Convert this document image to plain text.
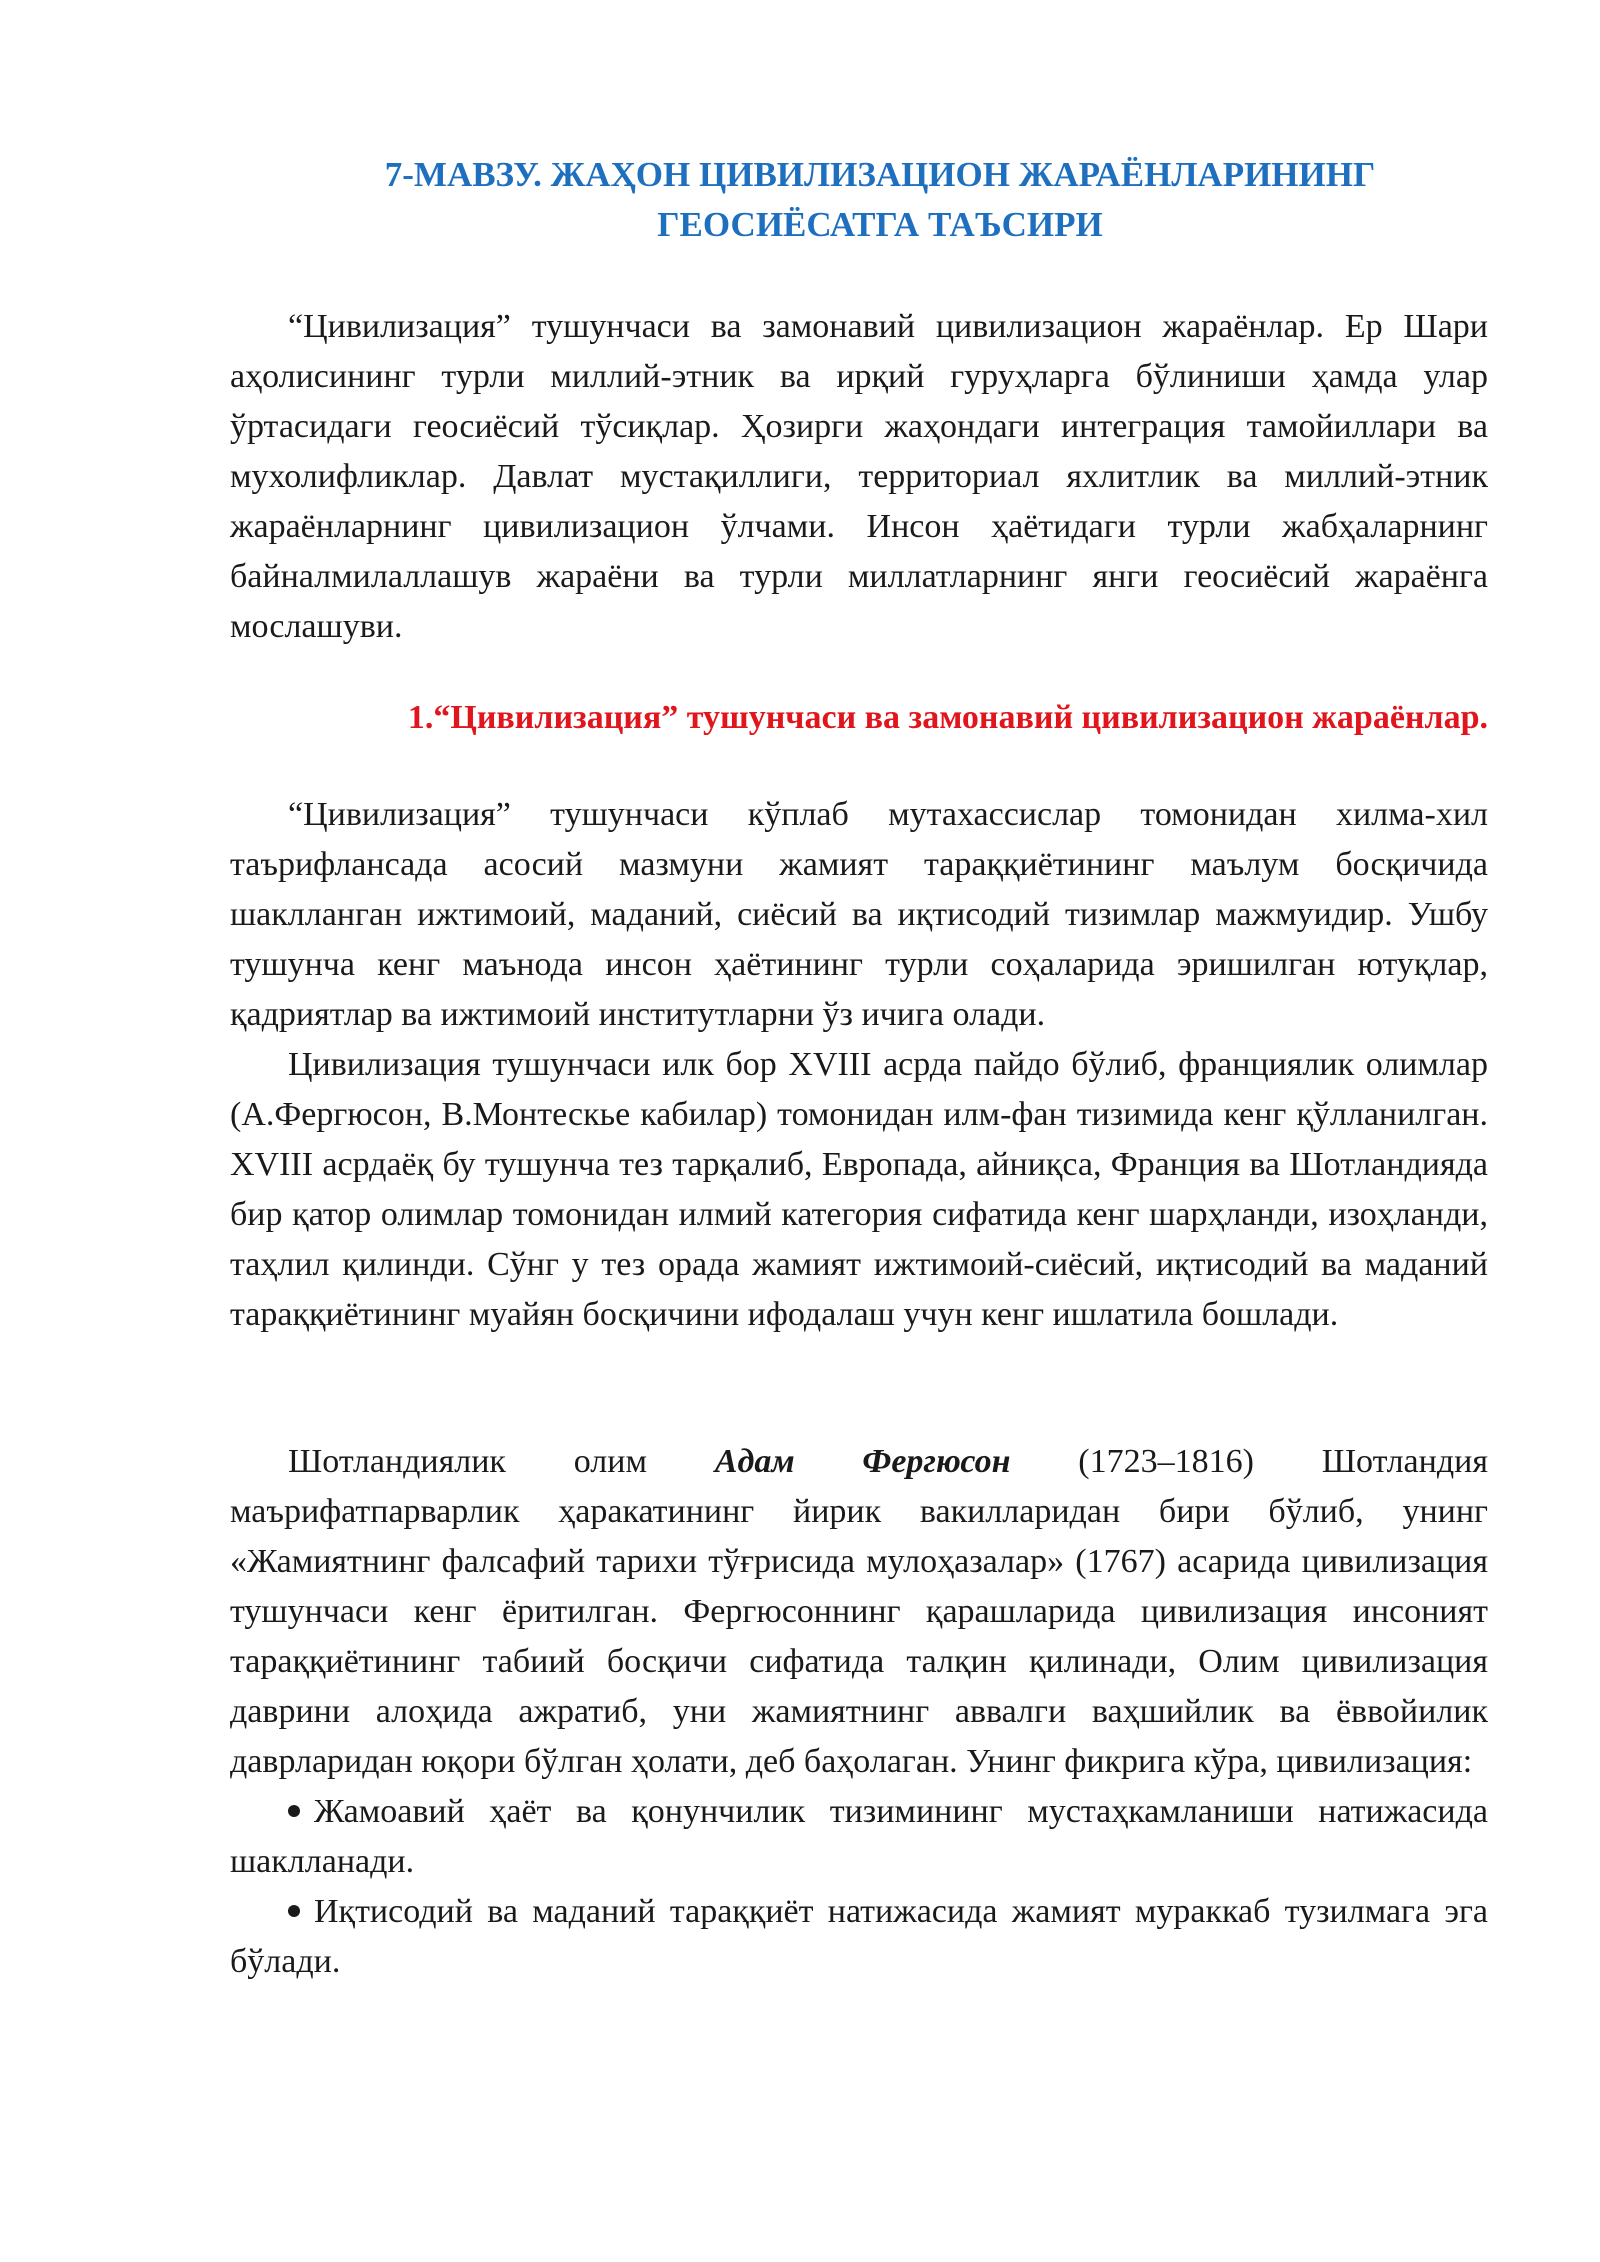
7-МАВЗУ. ЖАҲОН ЦИВИЛИЗАЦИОН ЖАРАЁНЛАРИНИНГ
ГЕОСИЁСАТГА ТАЪСИРИ

“Цивилизация” тушунчаси ва замонавий цивилизацион жараёнлар. Ер Шари аҳолисининг турли миллий-этник ва ирқий гуруҳларга бўлиниши ҳамда улар ўртасидаги геосиёсий тўсиқлар. Ҳозирги жаҳондаги интеграция тамойиллари ва мухолифликлар. Давлат мустақиллиги, территориал яхлитлик ва миллий-этник жараёнларнинг цивилизацион ўлчами. Инсон ҳаётидаги турли жабҳаларнинг байналмилаллашув жараёни ва турли миллатларнинг янги геосиёсий жараёнга мослашуви.

1.“Цивилизация” тушунчаси ва замонавий цивилизацион жараёнлар.

“Цивилизация” тушунчаси кўплаб мутахассислар томонидан хилма-хил таърифлансада асосий мазмуни жамият тараққиётининг маълум босқичида шаклланган ижтимоий, маданий, сиёсий ва иқтисодий тизимлар мажмуидир. Ушбу тушунча кенг маънода инсон ҳаётининг турли соҳаларида эришилган ютуқлар, қадриятлар ва ижтимоий институтларни ўз ичига олади.

Цивилизация тушунчаси илк бор XVIII асрда пайдо бўлиб, франциялик олимлар (А.Фергюсон, В.Монтескье кабилар) томонидан илм-фан тизимида кенг қўлланилган. XVIII асрдаёқ бу тушунча тез тарқалиб, Европада, айниқса, Франция ва Шотландияда бир қатор олимлар томонидан илмий категория сифатида кенг шарҳланди, изоҳланди, таҳлил қилинди. Сўнг у тез орада жамият ижтимоий-сиёсий, иқтисодий ва маданий тараққиётининг муайян босқичини ифодалаш учун кенг ишлатила бошлади.

Шотландиялик олим Адам Фергюсон (1723–1816) Шотландия маърифатпарварлик ҳаракатининг йирик вакилларидан бири бўлиб, унинг «Жамиятнинг фалсафий тарихи тўғрисида мулоҳазалар» (1767) асарида цивилизация тушунчаси кенг ёритилган. Фергюсоннинг қарашларида цивилизация инсоният тараққиётининг табиий босқичи сифатида талқин қилинади, Олим цивилизация даврини алоҳида ажратиб, уни жамиятнинг аввалги ваҳшийлик ва ёввойилик даврларидан юқори бўлган ҳолати, деб баҳолаган. Унинг фикрига кўра, цивилизация:

Жамоавий ҳаёт ва қонунчилик тизимининг мустаҳкамланиши натижасида шаклланади.

Иқтисодий ва маданий тараққиёт натижасида жамият мураккаб тузилмага эга бўлади.
